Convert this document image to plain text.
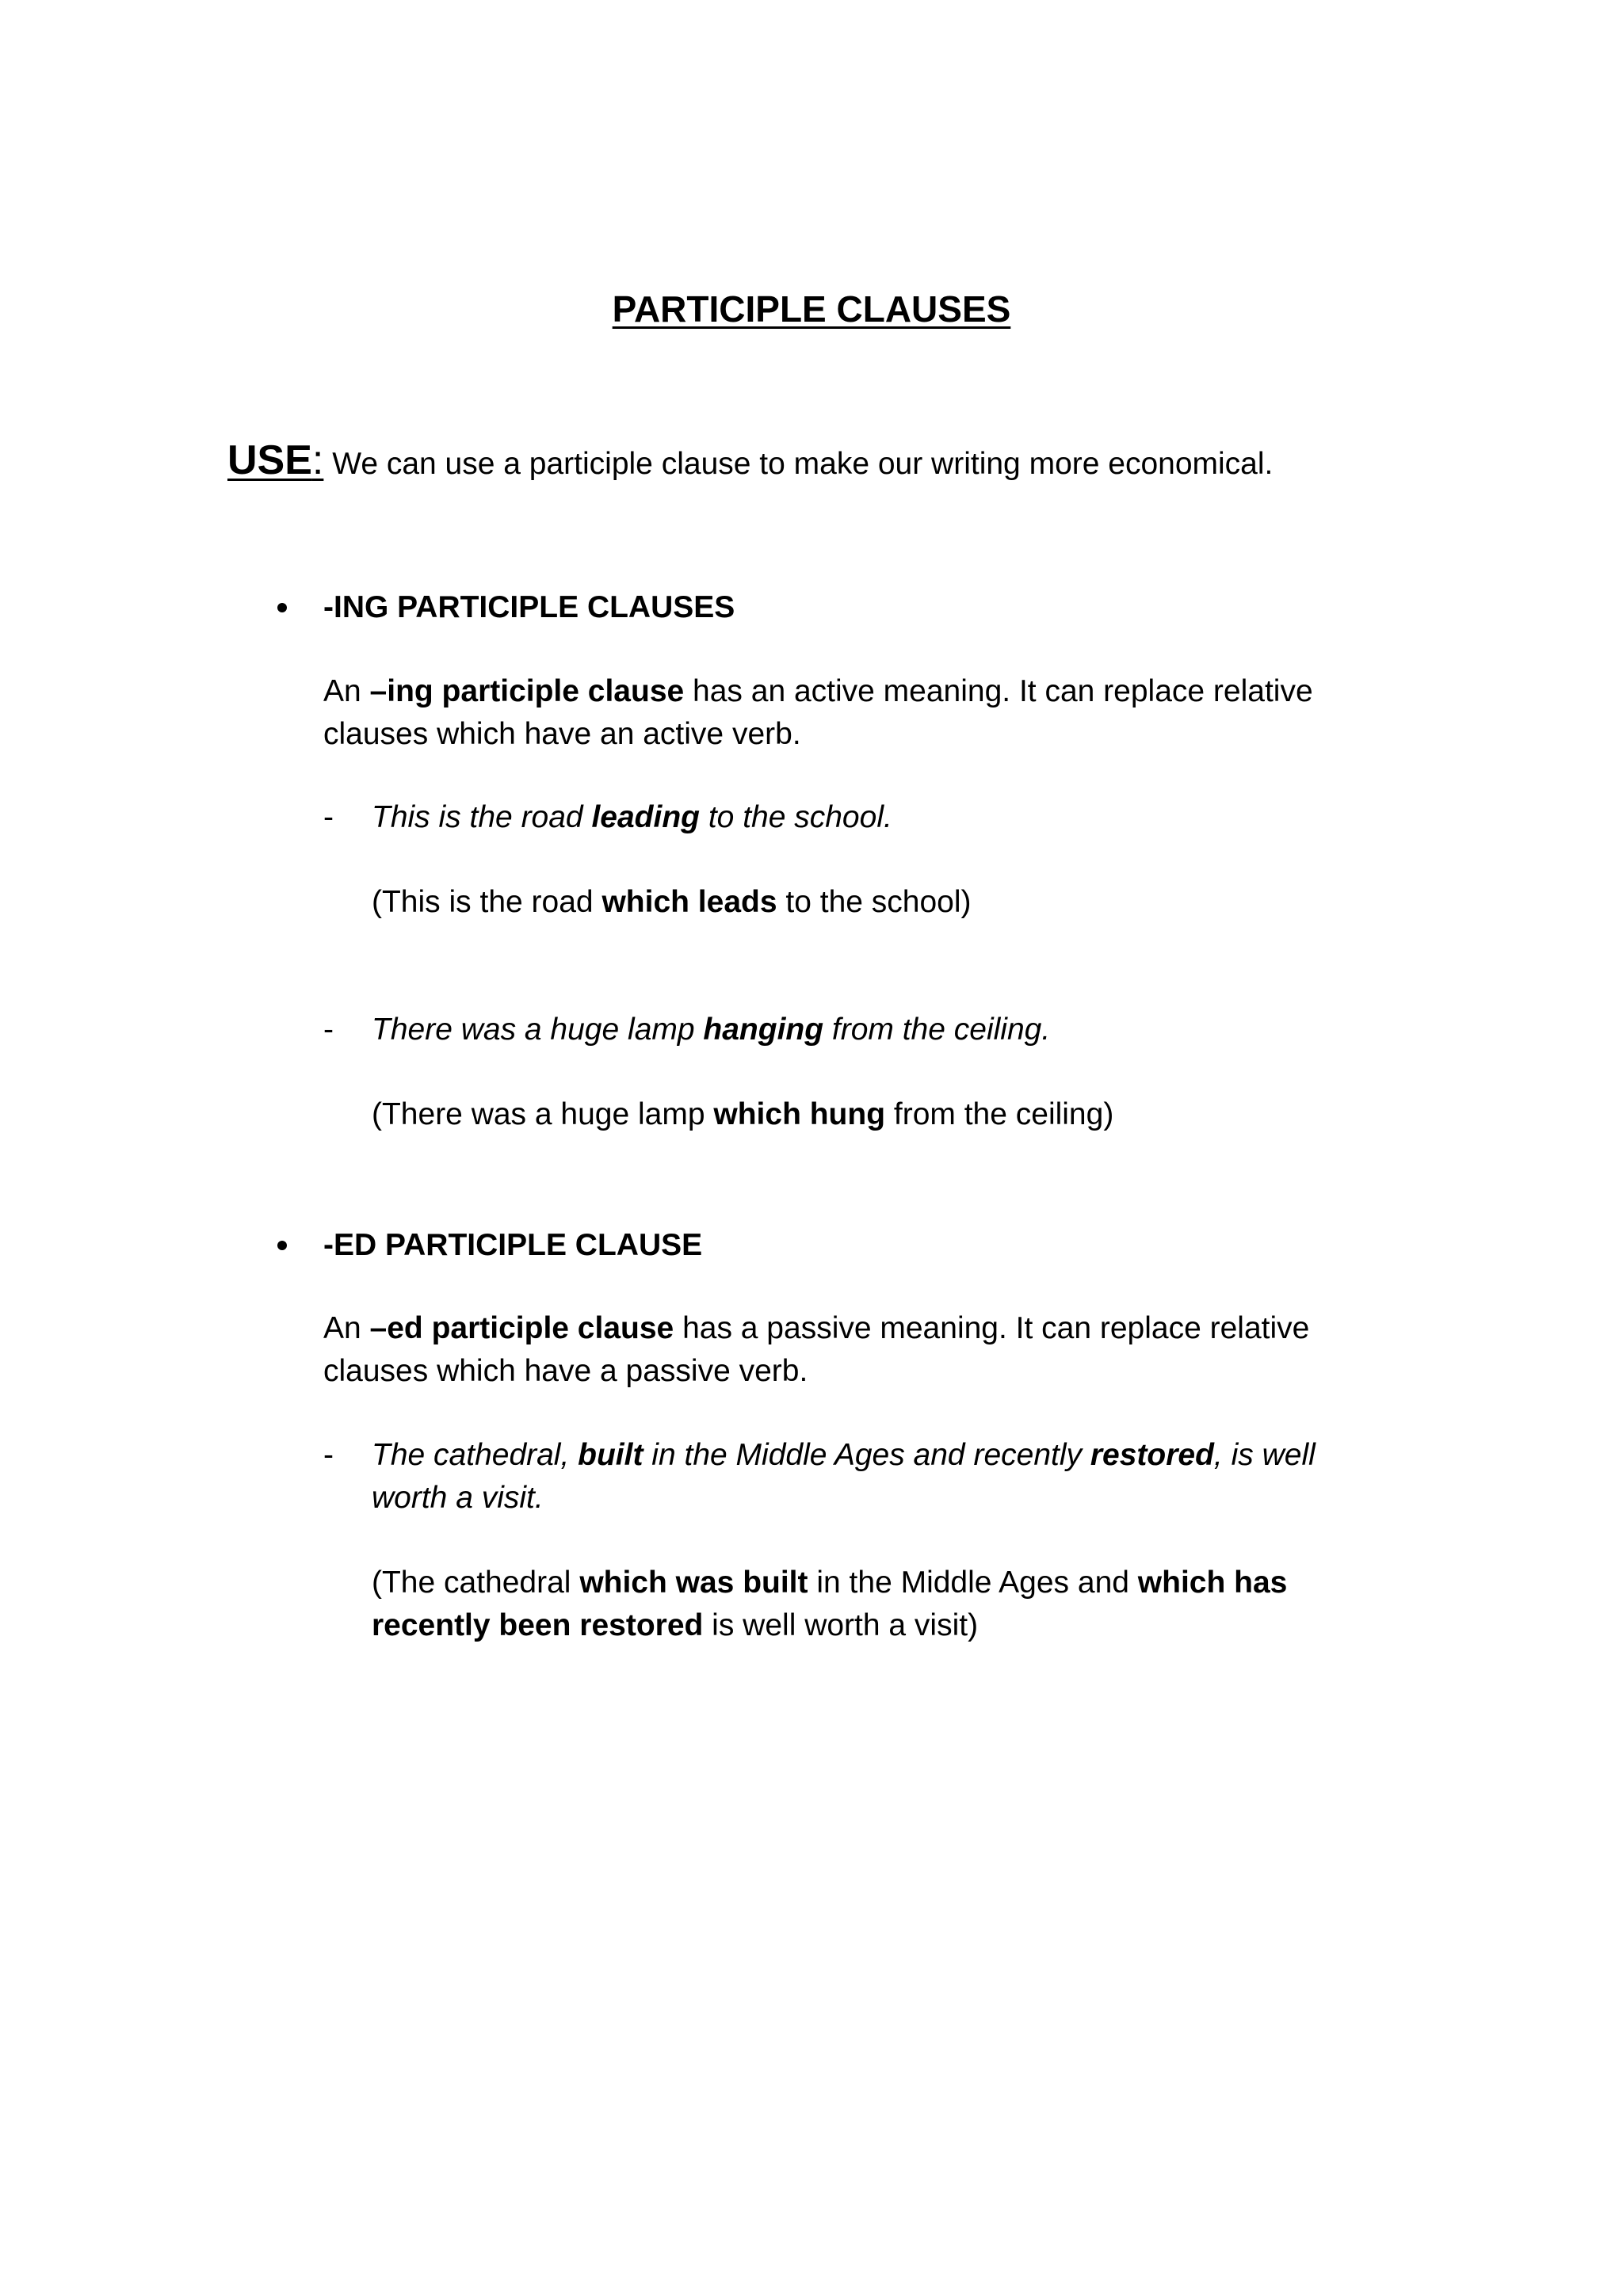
PARTICIPLE CLAUSES
USE: We can use a participle clause to make our writing more economical.
-ING PARTICIPLE CLAUSES
An –ing participle clause has an active meaning. It can replace relative
clauses which have an active verb.
- This is the road leading to the school.
(This is the road which leads to the school)
- There was a huge lamp hanging from the ceiling.
(There was a huge lamp which hung from the ceiling)
-ED PARTICIPLE CLAUSE
An –ed participle clause has a passive meaning. It can replace relative
clauses which have a passive verb.
- The cathedral, built in the Middle Ages and recently restored, is well
worth a visit.
(The cathedral which was built in the Middle Ages and which has
recently been restored is well worth a visit)
